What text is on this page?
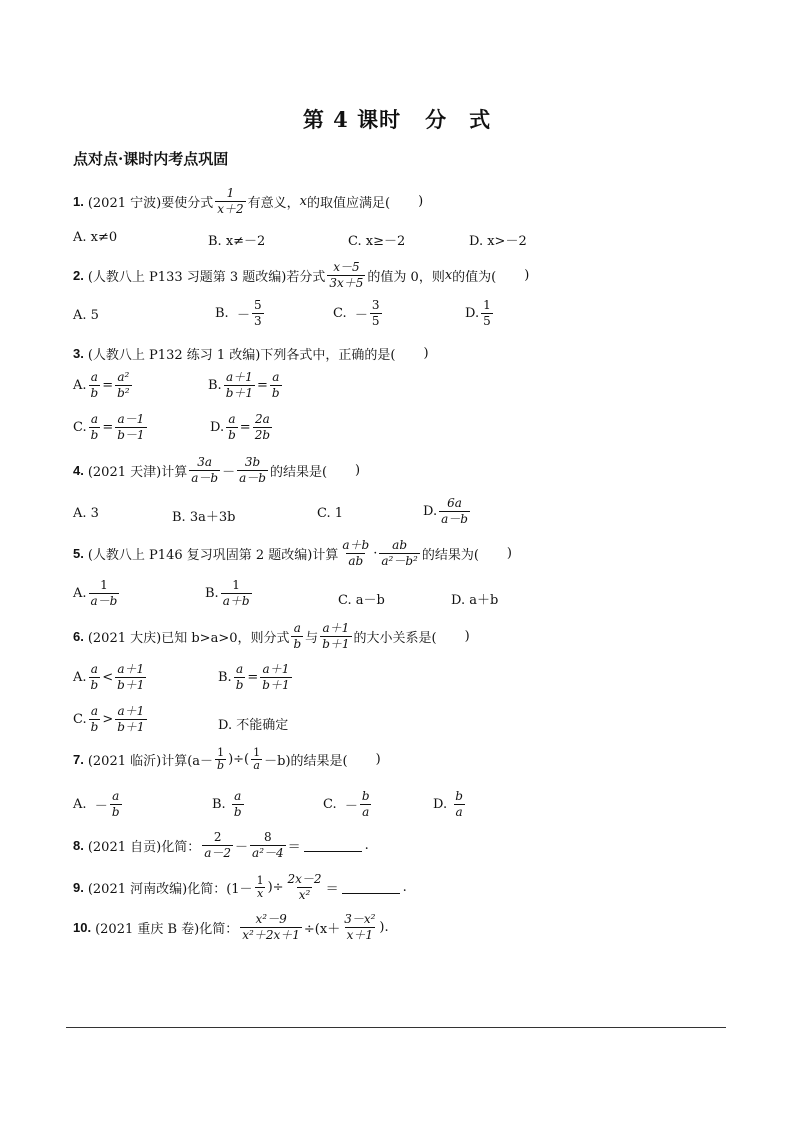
第 4 课时 分　式
点对点·课时内考点巩固
1. (2021 宁波) 要使分式 $\frac{1}{x+2}$ 有意义， x 的取值应满足( )
A. x≠0	B. x≠－2	C. x≥－2	D. x>－2
2. (人教八上 P133 习题第 3 题改编) 若分式 $\frac{x-5}{3x+5}$ 的值为 0，则 x 的值为( )
A. 5	B.
－ $\frac{5}{3}$	C.
－ $\frac{3}{5}$	D. $\frac{1}{5}$
3. (人教八上 P132 练习 1 改编) 下列各式中，正确的是( )
A. $\frac{a}{b} = \frac{\text{a²}}{\text{b²}}$	B. $\frac{a+1}{b+1} = \frac{a}{b}$
C. $\frac{a}{b} = \frac{a-1}{b-1}$	D. $\frac{a}{b} = \frac{2a}{2b}$
4. (2021 天津) 计算 $\frac{3a}{a-b} - \frac{3b}{a-b}$ 的结果是( )
A. 3	B. 3a＋3b	C. 1	D. $\frac{6a}{a-b}$
5. (人教八上 P146 复习巩固第 2 题改编) 计算 $\frac{a+b}{ab} \cdot \frac{ab}{\text{a²－b²}}$ 的结果为( )
A. $\frac{1}{a-b}$	B. $\frac{1}{a+b}$	C. a－b	D. a＋b
6. (2021 大庆) 已知 b>a>0，则分式 $\frac{a}{b}$ 与 $\frac{a+1}{b+1}$ 的大小关系是( )
A. $\frac{a}{b} < \frac{a+1}{b+1}$	B. $\frac{a}{b} = \frac{a+1}{b+1}$
C. $\frac{a}{b} > \frac{a+1}{b+1}$	D. 不能确定
7. (2021 临沂) 计算($a- \frac{1}{b}$ )÷( $\frac{1}{a} -b$)的结果是( )
A.
－ $\frac{a}{b}$	B.
$\frac{a}{b}$	C.
－ $\frac{b}{a}$	D.
$\frac{b}{a}$
8. (2021 自贡) 化简： $\frac{2}{a-2} - \frac{8}{\text{a²－4}}$ ＝	.
9. (2021 河南改编) 化简：($1- \frac{1}{x}$ )÷ $\frac{2x-2}{\text{x²}}$ ＝	.
10. (2021 重庆 B 卷) 化简： $\frac{\text{x²－9}}{\text{x²＋2x＋1}} \div(x+ \frac{\text{3－x²}}{x+1}$ ).
